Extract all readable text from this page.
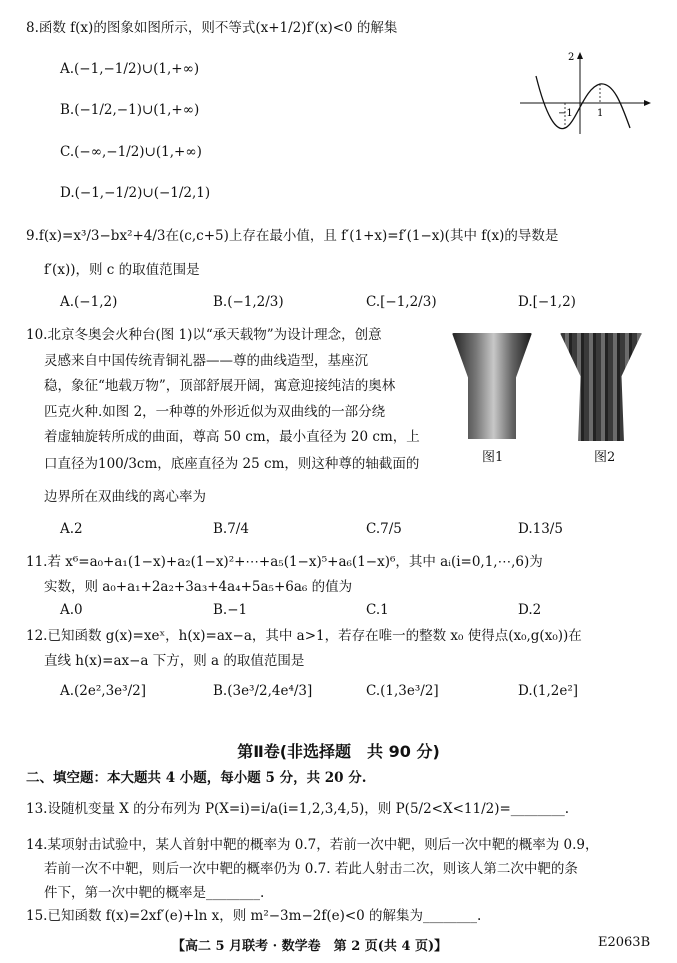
8.函数 f(x)的图象如图所示，则不等式(x+1/2)f′(x)<0 的解集
A.(−1,−1/2)∪(1,+∞)
B.(−1/2,−1)∪(1,+∞)
C.(−∞,−1/2)∪(1,+∞)
D.(−1,−1/2)∪(−1/2,1)
2
−1 1
9.f(x)=x³/3−bx²+4/3在(c,c+5)上存在最小值，且 f′(1+x)=f′(1−x)(其中 f(x)的导数是
f′(x))，则 c 的取值范围是
A.(−1,2)	B.(−1,2/3)	C.[−1,2/3)	D.[−1,2)
10.北京冬奥会火种台(图 1)以“承天载物”为设计理念，创意
灵感来自中国传统青铜礼器——尊的曲线造型，基座沉
稳，象征“地载万物”，顶部舒展开阔，寓意迎接纯洁的奥林
匹克火种.如图 2，一种尊的外形近似为双曲线的一部分绕
着虚轴旋转所成的曲面，尊高 50 cm，最小直径为 20 cm，上
口直径为100/3cm，底座直径为 25 cm，则这种尊的轴截面的
边界所在双曲线的离心率为
图1	图2
A.2	B.7/4	C.7/5	D.13/5
11.若 x⁶=a₀+a₁(1−x)+a₂(1−x)²+⋯+a₅(1−x)⁵+a₆(1−x)⁶，其中 aᵢ(i=0,1,⋯,6)为
实数，则 a₀+a₁+2a₂+3a₃+4a₄+5a₅+6a₆ 的值为
A.0	B.−1	C.1	D.2
12.已知函数 g(x)=xeˣ，h(x)=ax−a，其中 a>1，若存在唯一的整数 x₀ 使得点(x₀,g(x₀))在
直线 h(x)=ax−a 下方，则 a 的取值范围是
A.(2e²,3e³/2]	B.(3e³/2,4e⁴/3]	C.(1,3e³/2]	D.(1,2e²]
第Ⅱ卷(非选择题　共 90 分)
二、填空题：本大题共 4 小题，每小题 5 分，共 20 分.
13.设随机变量 X 的分布列为 P(X=i)=i/a(i=1,2,3,4,5)，则 P(5/2<X<11/2)=________.
14.某项射击试验中，某人首射中靶的概率为 0.7，若前一次中靶，则后一次中靶的概率为 0.9，
若前一次不中靶，则后一次中靶的概率仍为 0.7. 若此人射击二次，则该人第二次中靶的条
件下，第一次中靶的概率是________.
15.已知函数 f(x)=2xf′(e)+ln x，则 m²−3m−2f(e)<0 的解集为________.
【高二 5 月联考 · 数学卷　第 2 页(共 4 页)】	E2063B
